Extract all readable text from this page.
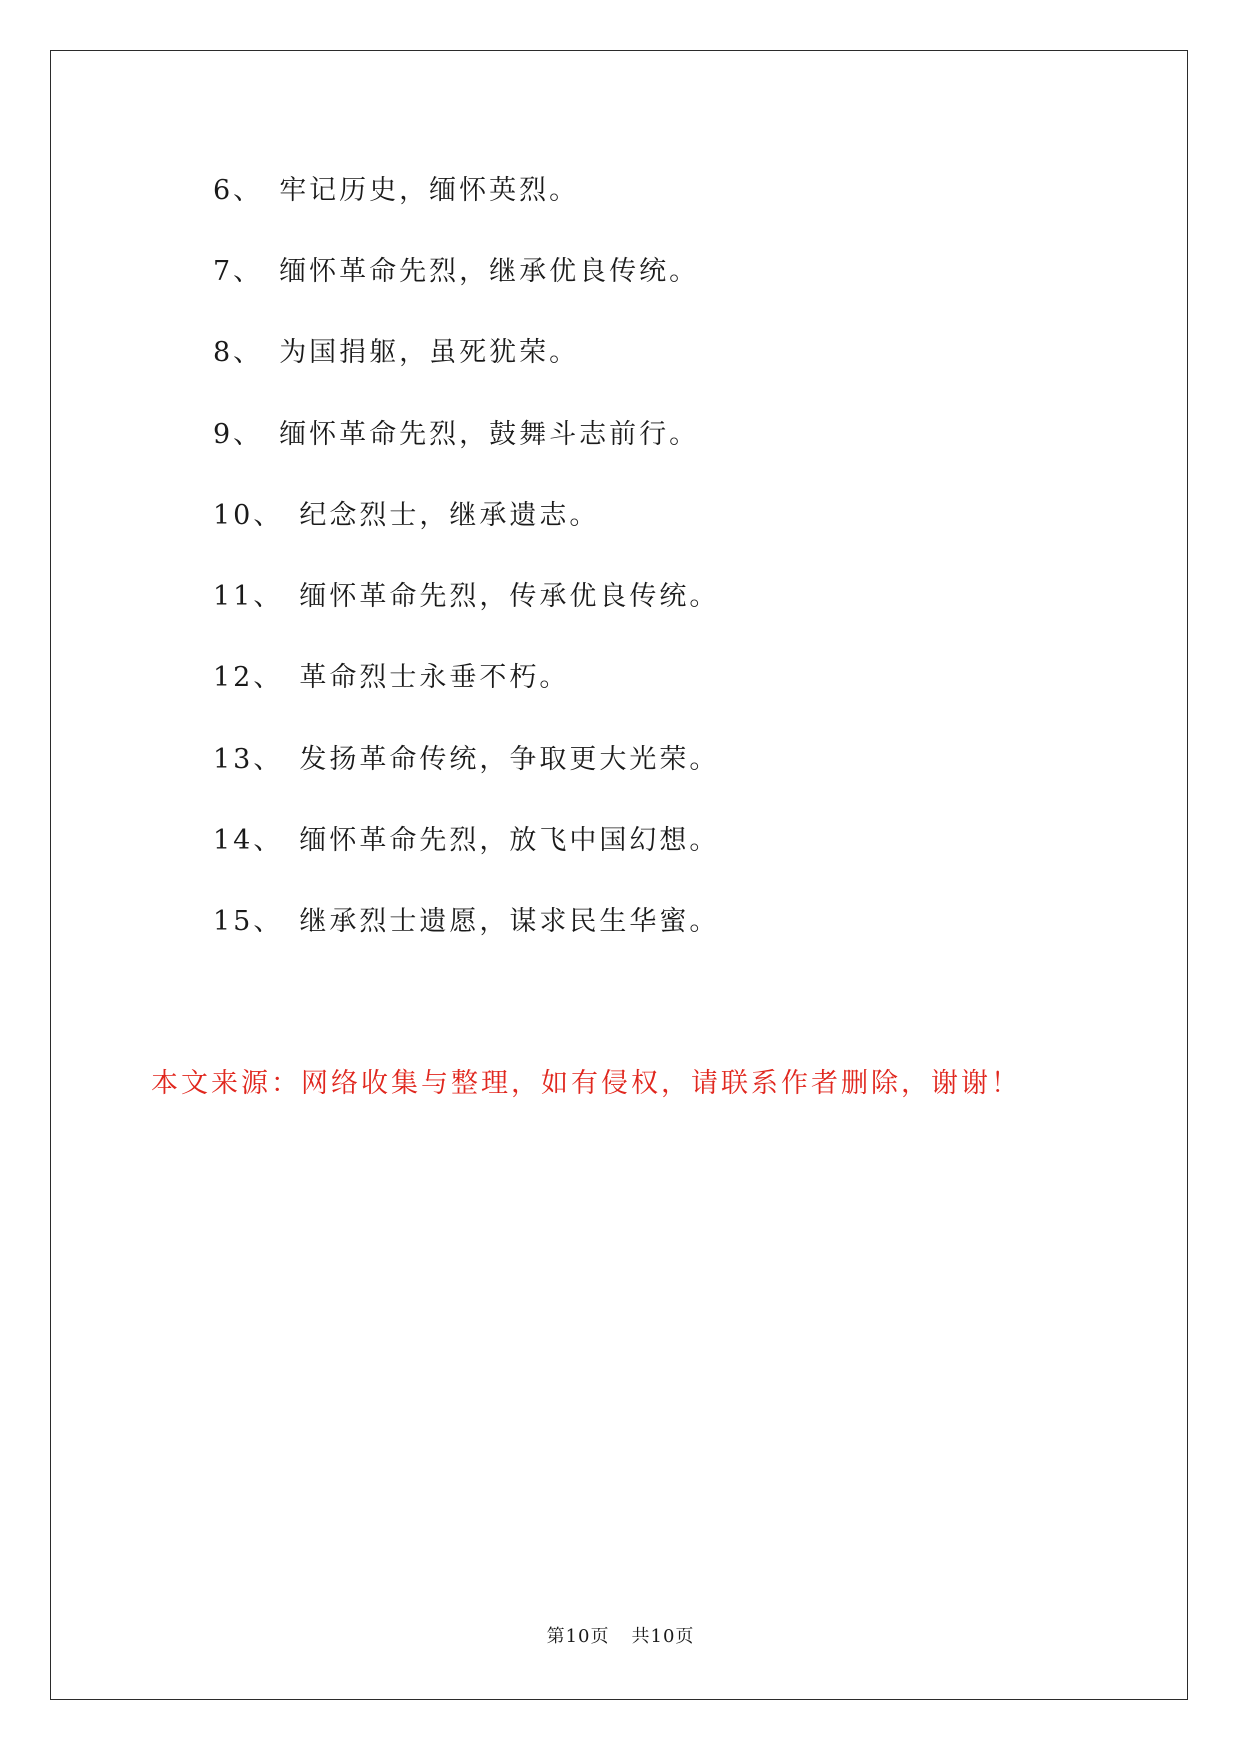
6、 牢记历史，缅怀英烈。
7、 缅怀革命先烈，继承优良传统。
8、 为国捐躯，虽死犹荣。
9、 缅怀革命先烈，鼓舞斗志前行。
10、 纪念烈士，继承遗志。
11、 缅怀革命先烈，传承优良传统。
12、 革命烈士永垂不朽。
13、 发扬革命传统，争取更大光荣。
14、 缅怀革命先烈，放飞中国幻想。
15、 继承烈士遗愿，谋求民生华蜜。
本文来源：网络收集与整理，如有侵权，请联系作者删除，谢谢！
第10页 共10页
